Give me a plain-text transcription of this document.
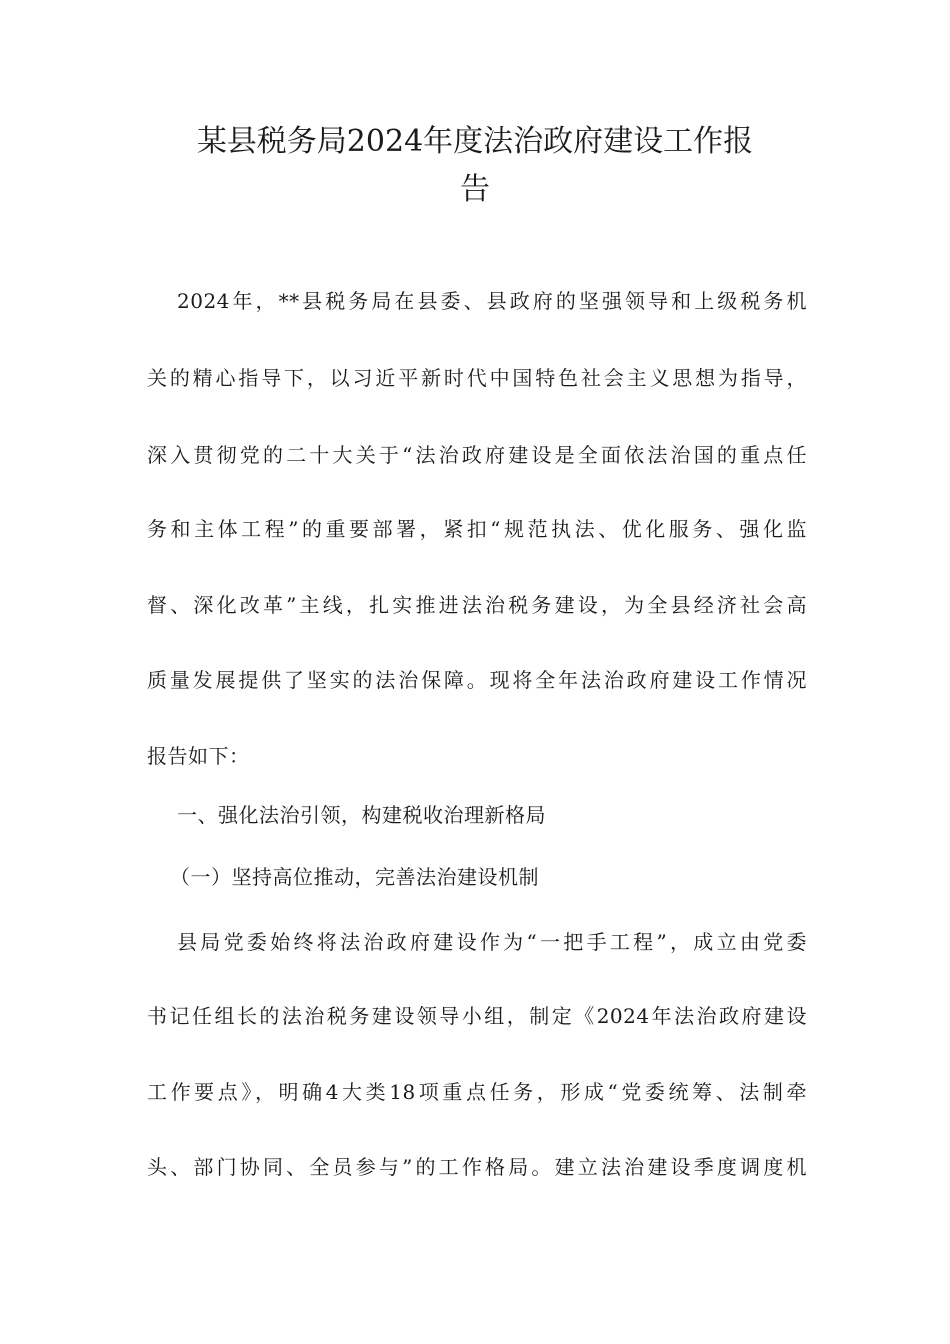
某县税务局2024年度法治政府建设工作报
告
2024年，**县税务局在县委、县政府的坚强领导和上级税务机
关的精心指导下，以习近平新时代中国特色社会主义思想为指导，
深入贯彻党的二十大关于“法治政府建设是全面依法治国的重点任
务和主体工程”的重要部署，紧扣“规范执法、优化服务、强化监
督、深化改革”主线，扎实推进法治税务建设，为全县经济社会高
质量发展提供了坚实的法治保障。现将全年法治政府建设工作情况
报告如下：
一、强化法治引领，构建税收治理新格局
（一）坚持高位推动，完善法治建设机制
县局党委始终将法治政府建设作为“一把手工程”，成立由党委
书记任组长的法治税务建设领导小组，制定《2024年法治政府建设
工作要点》，明确4大类18项重点任务，形成“党委统筹、法制牵
头、部门协同、全员参与”的工作格局。建立法治建设季度调度机
